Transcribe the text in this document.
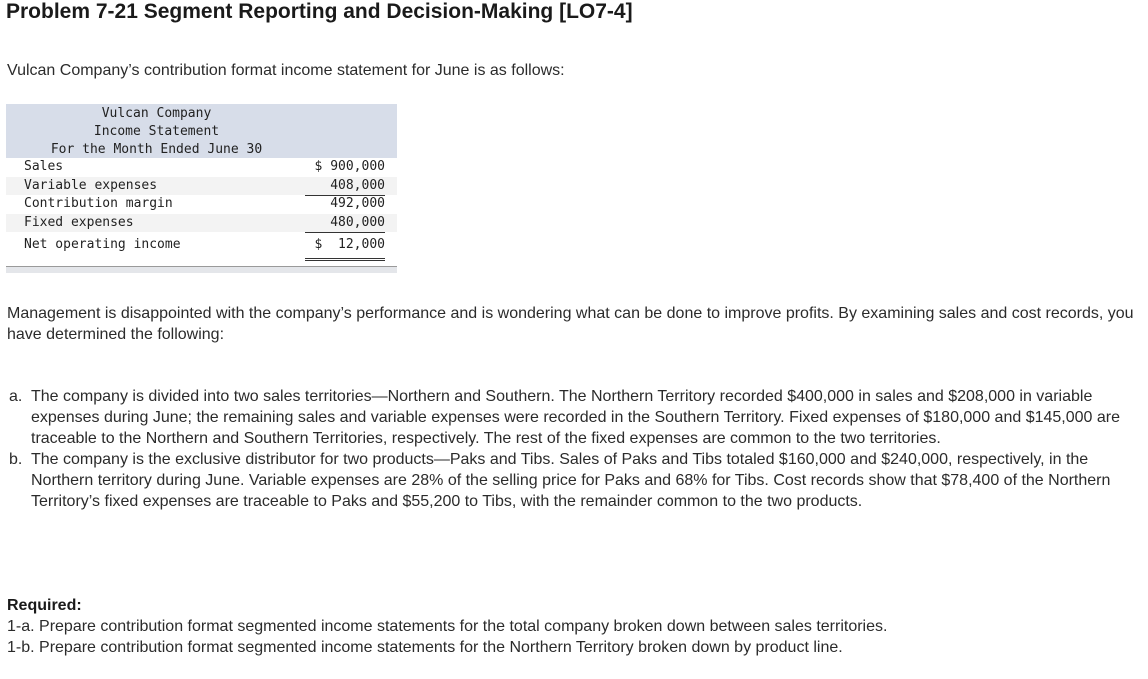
Problem 7-21 Segment Reporting and Decision-Making [LO7-4]

Vulcan Company’s contribution format income statement for June is as follows:

Vulcan Company
Income Statement
For the Month Ended June 30
Sales	$ 900,000
Variable expenses	408,000
Contribution margin	492,000
Fixed expenses	480,000
Net operating income	$  12,000

Management is disappointed with the company’s performance and is wondering what can be done to improve profits. By examining sales and cost records, you have determined the following:

a. The company is divided into two sales territories—Northern and Southern. The Northern Territory recorded $400,000 in sales and $208,000 in variable expenses during June; the remaining sales and variable expenses were recorded in the Southern Territory. Fixed expenses of $180,000 and $145,000 are traceable to the Northern and Southern Territories, respectively. The rest of the fixed expenses are common to the two territories.
b. The company is the exclusive distributor for two products—Paks and Tibs. Sales of Paks and Tibs totaled $160,000 and $240,000, respectively, in the Northern territory during June. Variable expenses are 28% of the selling price for Paks and 68% for Tibs. Cost records show that $78,400 of the Northern Territory’s fixed expenses are traceable to Paks and $55,200 to Tibs, with the remainder common to the two products.
Required:
1-a. Prepare contribution format segmented income statements for the total company broken down between sales territories.
1-b. Prepare contribution format segmented income statements for the Northern Territory broken down by product line.
